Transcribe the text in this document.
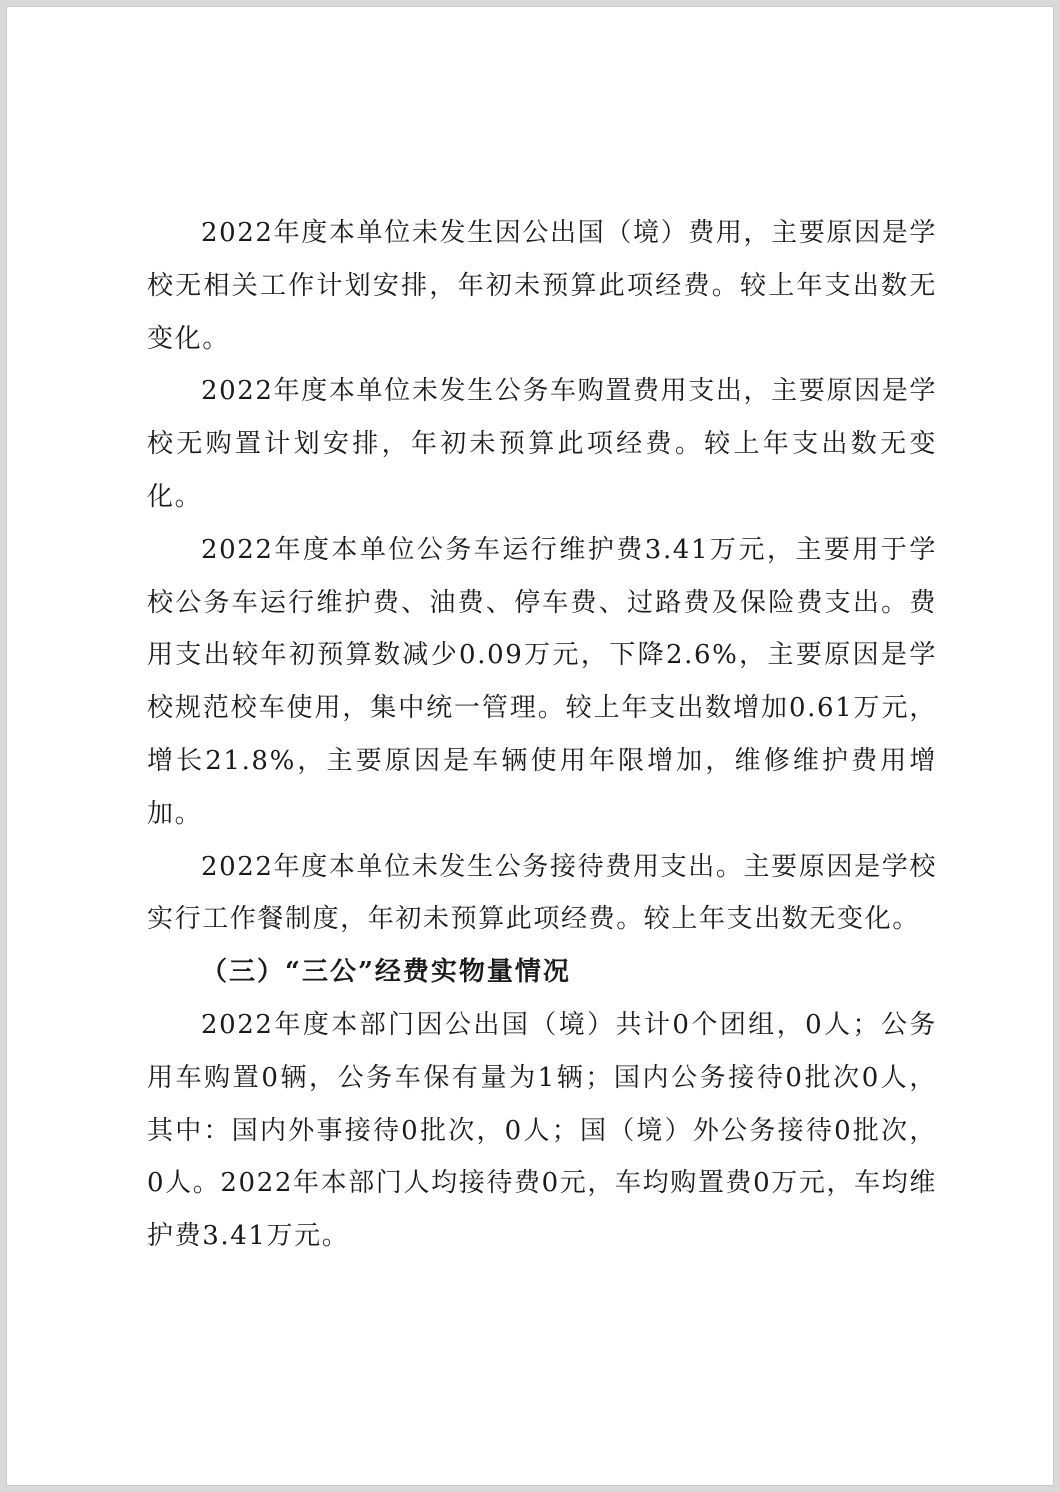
2022年度本单位未发生因公出国（境）费用，主要原因是学校无相关工作计划安排，年初未预算此项经费。较上年支出数无变化。

2022年度本单位未发生公务车购置费用支出，主要原因是学校无购置计划安排，年初未预算此项经费。较上年支出数无变化。

2022年度本单位公务车运行维护费3.41万元，主要用于学校公务车运行维护费、油费、停车费、过路费及保险费支出。费用支出较年初预算数减少0.09万元，下降2.6%，主要原因是学校规范校车使用，集中统一管理。较上年支出数增加0.61万元，增长21.8%，主要原因是车辆使用年限增加，维修维护费用增加。

2022年度本单位未发生公务接待费用支出。主要原因是学校实行工作餐制度，年初未预算此项经费。较上年支出数无变化。

（三）“三公”经费实物量情况

2022年度本部门因公出国（境）共计0个团组，0人；公务用车购置0辆，公务车保有量为1辆；国内公务接待0批次0人，其中：国内外事接待0批次，0人；国（境）外公务接待0批次，0人。2022年本部门人均接待费0元，车均购置费0万元，车均维护费3.41万元。
